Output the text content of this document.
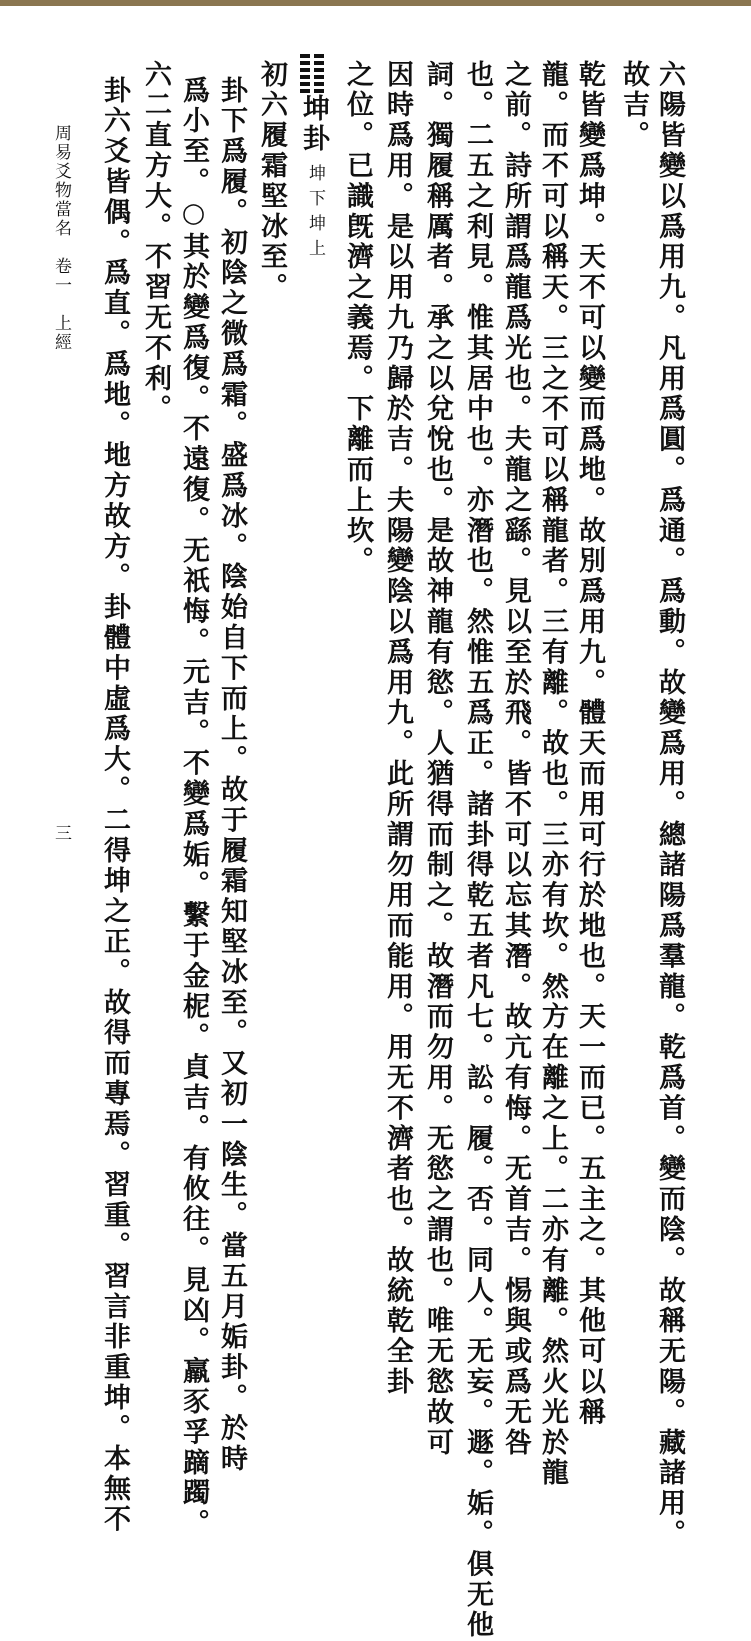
六陽皆變以爲用九。凡用爲圓。爲通。爲動。故變爲用。總諸陽爲羣龍。乾爲首。變而陰。故稱无陽。藏諸用。
故吉。
乾皆變爲坤。天不可以變而爲地。故別爲用九。體天而用可行於地也。天一而已。五主之。其他可以稱
龍。而不可以稱天。三之不可以稱龍者。三有離。故也。三亦有坎。然方在離之上。二亦有離。然火光於龍
之前。詩所謂爲龍爲光也。夫龍之繇。見以至於飛。皆不可以忘其潛。故亢有悔。无首吉。惕與或爲无咎
也。二五之利見。惟其居中也。亦潛也。然惟五爲正。諸卦得乾五者凡七。訟。履。否。同人。无妄。遯。姤。俱无他
詞。獨履稱厲者。承之以兌悅也。是故神龍有慾。人猶得而制之。故潛而勿用。无慾之謂也。唯无慾故可
因時爲用。是以用九乃歸於吉。夫陽變陰以爲用九。此所謂勿用而能用。用无不濟者也。故統乾全卦
之位。已識旣濟之義焉。下離而上坎。
坤卦
坤下坤上
初六履霜堅冰至。
卦下爲履。初陰之微爲霜。盛爲冰。陰始自下而上。故于履霜知堅冰至。又初一陰生。當五月姤卦。於時
爲小至。○其於變爲復。不遠復。无祇悔。元吉。不變爲姤。繫于金柅。貞吉。有攸往。見凶。羸豕孚蹢躅。
六二直方大。不習无不利。
卦六爻皆偶。爲直。爲地。地方故方。卦體中虛爲大。二得坤之正。故得而專焉。習重。習言非重坤。本無不
周易爻物當名　卷一　上經
三
